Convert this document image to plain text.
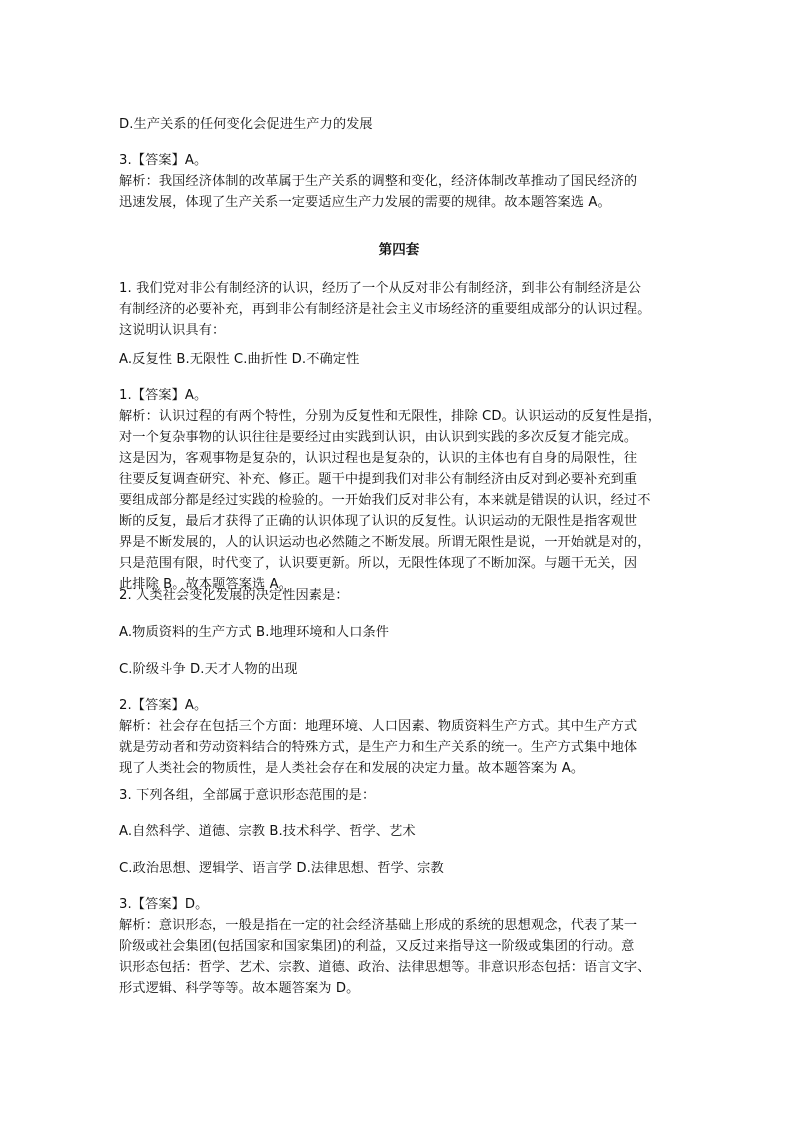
D.生产关系的任何变化会促进生产力的发展

3.【答案】A。

解析：我国经济体制的改革属于生产关系的调整和变化，经济体制改革推动了国民经济的

迅速发展，体现了生产关系一定要适应生产力发展的需要的规律。故本题答案选 A。

第四套

1. 我们党对非公有制经济的认识，经历了一个从反对非公有制经济，到非公有制经济是公

有制经济的必要补充，再到非公有制经济是社会主义市场经济的重要组成部分的认识过程。

这说明认识具有：

A.反复性 B.无限性 C.曲折性 D.不确定性

1.【答案】A。

解析：认识过程的有两个特性，分别为反复性和无限性，排除 CD。认识运动的反复性是指，

对一个复杂事物的认识往往是要经过由实践到认识，由认识到实践的多次反复才能完成。

这是因为，客观事物是复杂的，认识过程也是复杂的，认识的主体也有自身的局限性，往

往要反复调查研究、补充、修正。题干中提到我们对非公有制经济由反对到必要补充到重

要组成部分都是经过实践的检验的。一开始我们反对非公有，本来就是错误的认识，经过不

断的反复，最后才获得了正确的认识体现了认识的反复性。认识运动的无限性是指客观世

界是不断发展的，人的认识运动也必然随之不断发展。所谓无限性是说，一开始就是对的，

只是范围有限，时代变了，认识要更新。所以，无限性体现了不断加深。与题干无关，因

此排除 B。故本题答案选 A。

2. 人类社会变化发展的决定性因素是：

A.物质资料的生产方式 B.地理环境和人口条件

C.阶级斗争 D.天才人物的出现

2.【答案】A。

解析：社会存在包括三个方面：地理环境、人口因素、物质资料生产方式。其中生产方式

就是劳动者和劳动资料结合的特殊方式，是生产力和生产关系的统一。生产方式集中地体

现了人类社会的物质性，是人类社会存在和发展的决定力量。故本题答案为 A。

3. 下列各组，全部属于意识形态范围的是：

A.自然科学、道德、宗教 B.技术科学、哲学、艺术

C.政治思想、逻辑学、语言学 D.法律思想、哲学、宗教

3.【答案】D。

解析：意识形态，一般是指在一定的社会经济基础上形成的系统的思想观念，代表了某一

阶级或社会集团(包括国家和国家集团)的利益，又反过来指导这一阶级或集团的行动。意

识形态包括：哲学、艺术、宗教、道德、政治、法律思想等。非意识形态包括：语言文字、

形式逻辑、科学等等。故本题答案为 D。
